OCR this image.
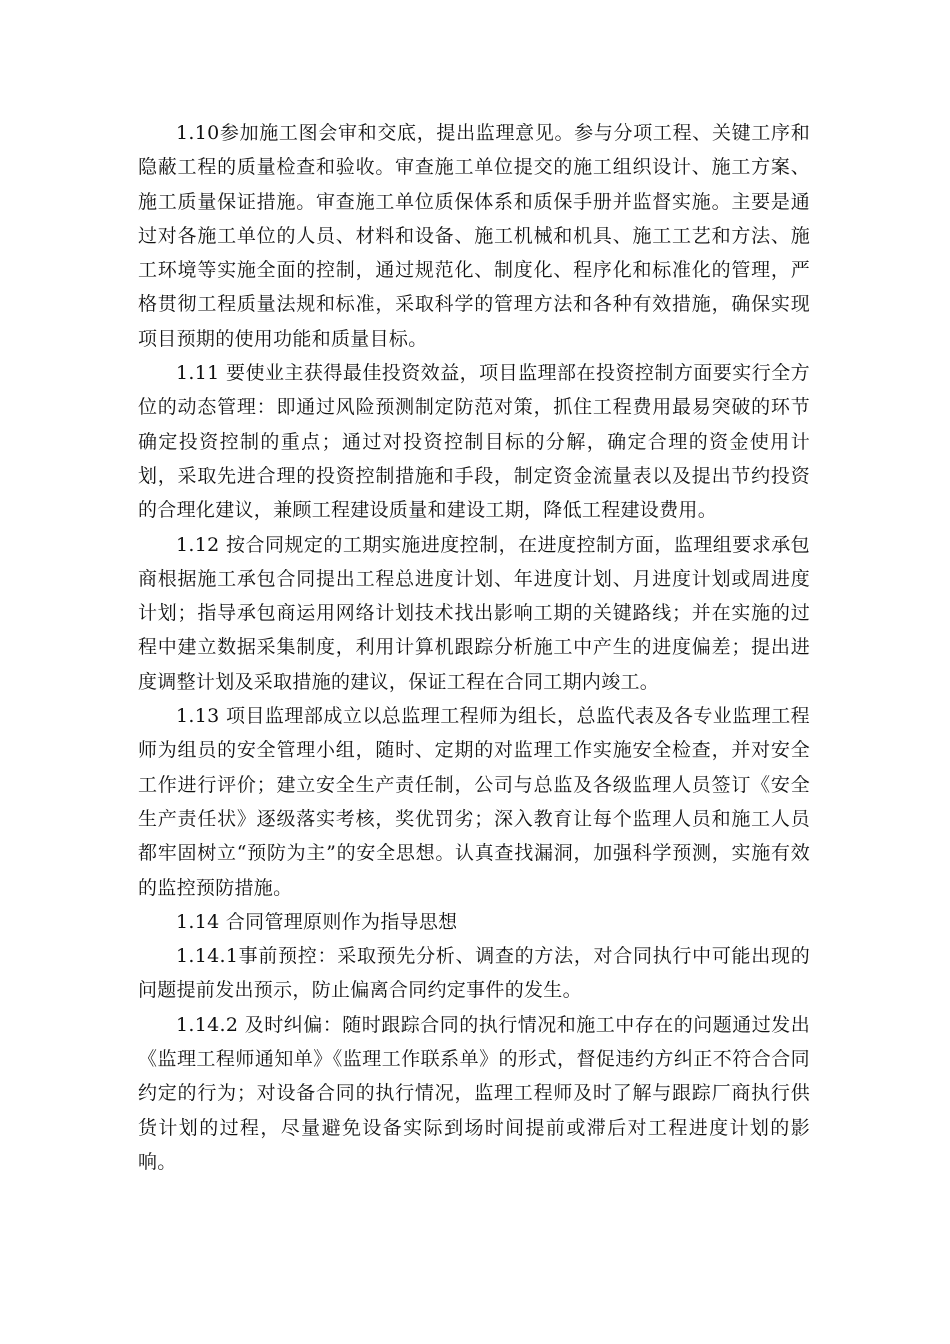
1.10参加施工图会审和交底，提出监理意见。参与分项工程、关键工序和隐蔽工程的质量检查和验收。审查施工单位提交的施工组织设计、施工方案、施工质量保证措施。审查施工单位质保体系和质保手册并监督实施。主要是通过对各施工单位的人员、材料和设备、施工机械和机具、施工工艺和方法、施工环境等实施全面的控制，通过规范化、制度化、程序化和标准化的管理，严格贯彻工程质量法规和标准，采取科学的管理方法和各种有效措施，确保实现项目预期的使用功能和质量目标。

1.11 要使业主获得最佳投资效益，项目监理部在投资控制方面要实行全方位的动态管理：即通过风险预测制定防范对策，抓住工程费用最易突破的环节确定投资控制的重点；通过对投资控制目标的分解，确定合理的资金使用计划，采取先进合理的投资控制措施和手段，制定资金流量表以及提出节约投资的合理化建议，兼顾工程建设质量和建设工期，降低工程建设费用。

1.12 按合同规定的工期实施进度控制，在进度控制方面，监理组要求承包商根据施工承包合同提出工程总进度计划、年进度计划、月进度计划或周进度计划；指导承包商运用网络计划技术找出影响工期的关键路线；并在实施的过程中建立数据采集制度，利用计算机跟踪分析施工中产生的进度偏差；提出进度调整计划及采取措施的建议，保证工程在合同工期内竣工。

1.13 项目监理部成立以总监理工程师为组长，总监代表及各专业监理工程师为组员的安全管理小组，随时、定期的对监理工作实施安全检查，并对安全工作进行评价；建立安全生产责任制，公司与总监及各级监理人员签订《安全生产责任状》逐级落实考核，奖优罚劣；深入教育让每个监理人员和施工人员都牢固树立“预防为主”的安全思想。认真查找漏洞，加强科学预测，实施有效的监控预防措施。

1.14 合同管理原则作为指导思想

1.14.1事前预控：采取预先分析、调查的方法，对合同执行中可能出现的问题提前发出预示，防止偏离合同约定事件的发生。

1.14.2 及时纠偏：随时跟踪合同的执行情况和施工中存在的问题通过发出《监理工程师通知单》《监理工作联系单》的形式，督促违约方纠正不符合合同约定的行为；对设备合同的执行情况，监理工程师及时了解与跟踪厂商执行供货计划的过程，尽量避免设备实际到场时间提前或滞后对工程进度计划的影响。
